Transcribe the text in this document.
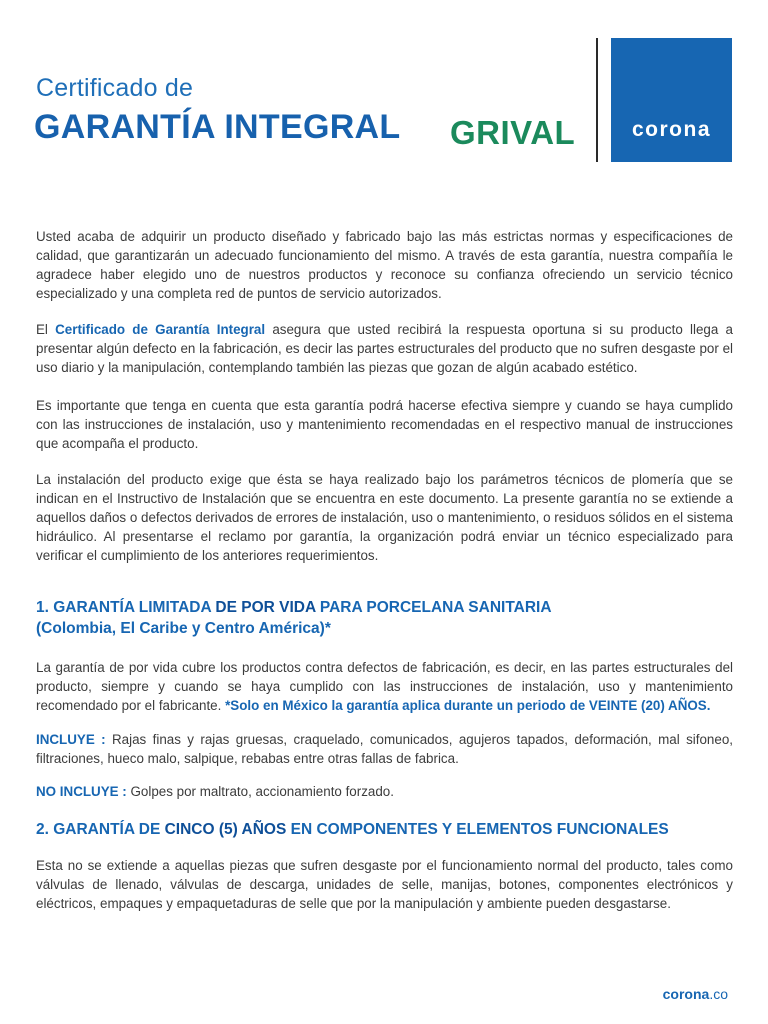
Certificado de
GARANTÍA INTEGRAL GRIVAL	corona

Usted acaba de adquirir un producto diseñado y fabricado bajo las más estrictas normas y especificaciones de calidad, que garantizarán un adecuado funcionamiento del mismo. A través de esta garantía, nuestra compañía le agradece haber elegido uno de nuestros productos y reconoce su confianza ofreciendo un servicio técnico especializado y una completa red de puntos de servicio autorizados.

El Certificado de Garantía Integral asegura que usted recibirá la respuesta oportuna si su producto llega a presentar algún defecto en la fabricación, es decir las partes estructurales del producto que no sufren desgaste por el uso diario y la manipulación, contemplando también las piezas que gozan de algún acabado estético.

Es importante que tenga en cuenta que esta garantía podrá hacerse efectiva siempre y cuando se haya cumplido con las instrucciones de instalación, uso y mantenimiento recomendadas en el respectivo manual de instrucciones que acompaña el producto.

La instalación del producto exige que ésta se haya realizado bajo los parámetros técnicos de plomería que se indican en el Instructivo de Instalación que se encuentra en este documento. La presente garantía no se extiende a aquellos daños o defectos derivados de errores de instalación, uso o mantenimiento, o residuos sólidos en el sistema hidráulico. Al presentarse el reclamo por garantía, la organización podrá enviar un técnico especializado para verificar el cumplimiento de los anteriores requerimientos.

1. GARANTÍA LIMITADA DE POR VIDA PARA PORCELANA SANITARIA
(Colombia, El Caribe y Centro América)*

La garantía de por vida cubre los productos contra defectos de fabricación, es decir, en las partes estructurales del producto, siempre y cuando se haya cumplido con las instrucciones de instalación, uso y mantenimiento recomendado por el fabricante. *Solo en México la garantía aplica durante un periodo de VEINTE (20) AÑOS.

INCLUYE : Rajas finas y rajas gruesas, craquelado, comunicados, agujeros tapados, deformación, mal sifoneo, filtraciones, hueco malo, salpique, rebabas entre otras fallas de fabrica.

NO INCLUYE : Golpes por maltrato, accionamiento forzado.

2. GARANTÍA DE CINCO (5) AÑOS EN COMPONENTES Y ELEMENTOS FUNCIONALES

Esta no se extiende a aquellas piezas que sufren desgaste por el funcionamiento normal del producto, tales como válvulas de llenado, válvulas de descarga, unidades de selle, manijas, botones, componentes electrónicos y eléctricos, empaques y empaquetaduras de selle que por la manipulación y ambiente pueden desgastarse.

corona.co
